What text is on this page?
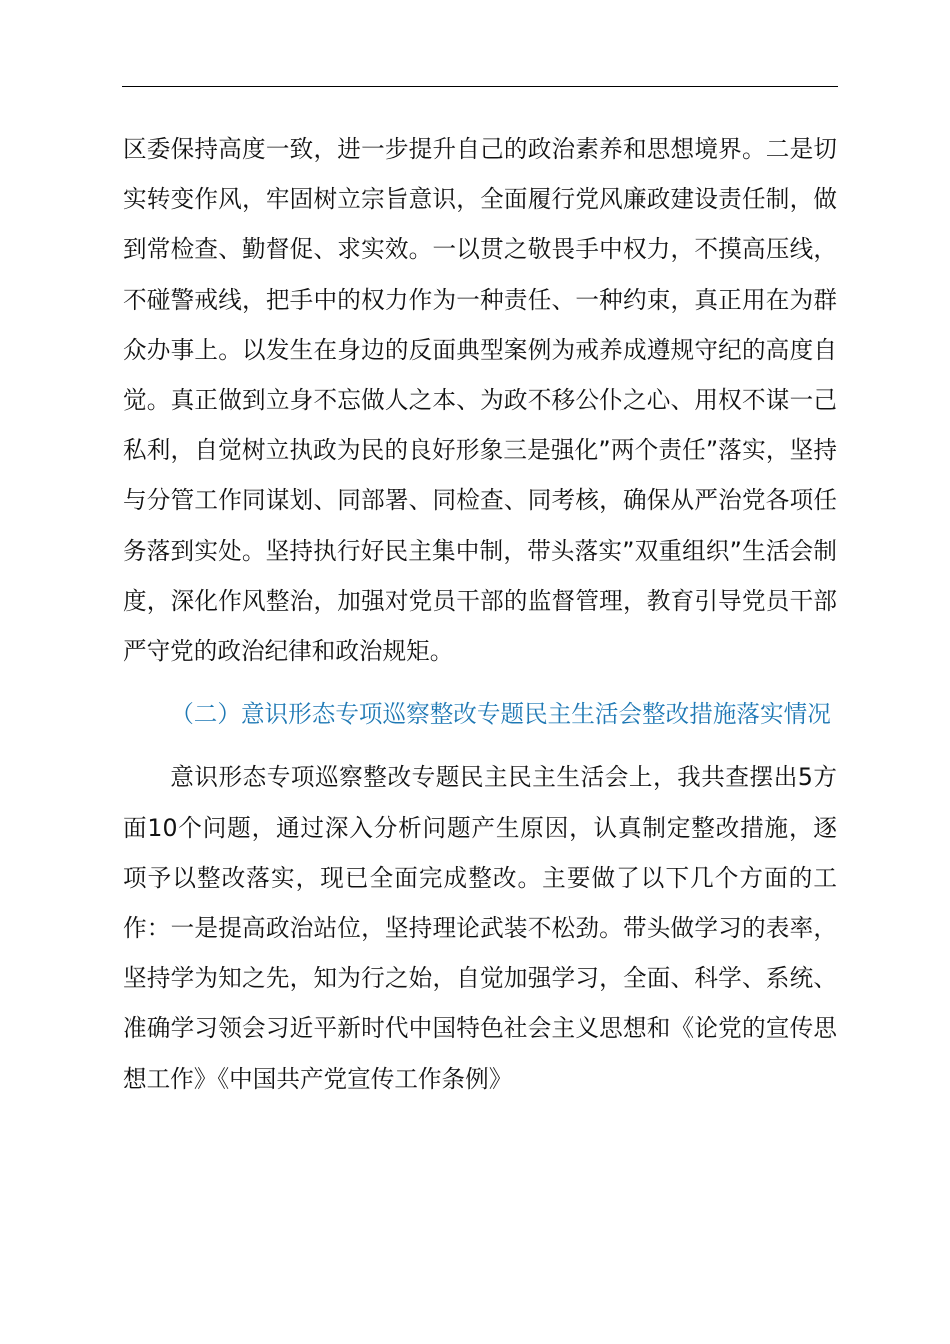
区委保持高度一致，进一步提升自己的政治素养和思想境界。二是切实转变作风，牢固树立宗旨意识，全面履行党风廉政建设责任制，做到常检查、勤督促、求实效。一以贯之敬畏手中权力，不摸高压线，不碰警戒线，把手中的权力作为一种责任、一种约束，真正用在为群众办事上。以发生在身边的反面典型案例为戒养成遵规守纪的高度自觉。真正做到立身不忘做人之本、为政不移公仆之心、用权不谋一己私利，自觉树立执政为民的良好形象三是强化”两个责任”落实，坚持与分管工作同谋划、同部署、同检查、同考核，确保从严治党各项任务落到实处。坚持执行好民主集中制，带头落实”双重组织”生活会制度，深化作风整治，加强对党员干部的监督管理，教育引导党员干部严守党的政治纪律和政治规矩。

（二）意识形态专项巡察整改专题民主生活会整改措施落实情况

意识形态专项巡察整改专题民主民主生活会上，我共查摆出5方面10个问题，通过深入分析问题产生原因，认真制定整改措施，逐项予以整改落实，现已全面完成整改。主要做了以下几个方面的工作：一是提高政治站位，坚持理论武装不松劲。带头做学习的表率，坚持学为知之先，知为行之始，自觉加强学习，全面、科学、系统、准确学习领会习近平新时代中国特色社会主义思想和《论党的宣传思想工作》《中国共产党宣传工作条例》
